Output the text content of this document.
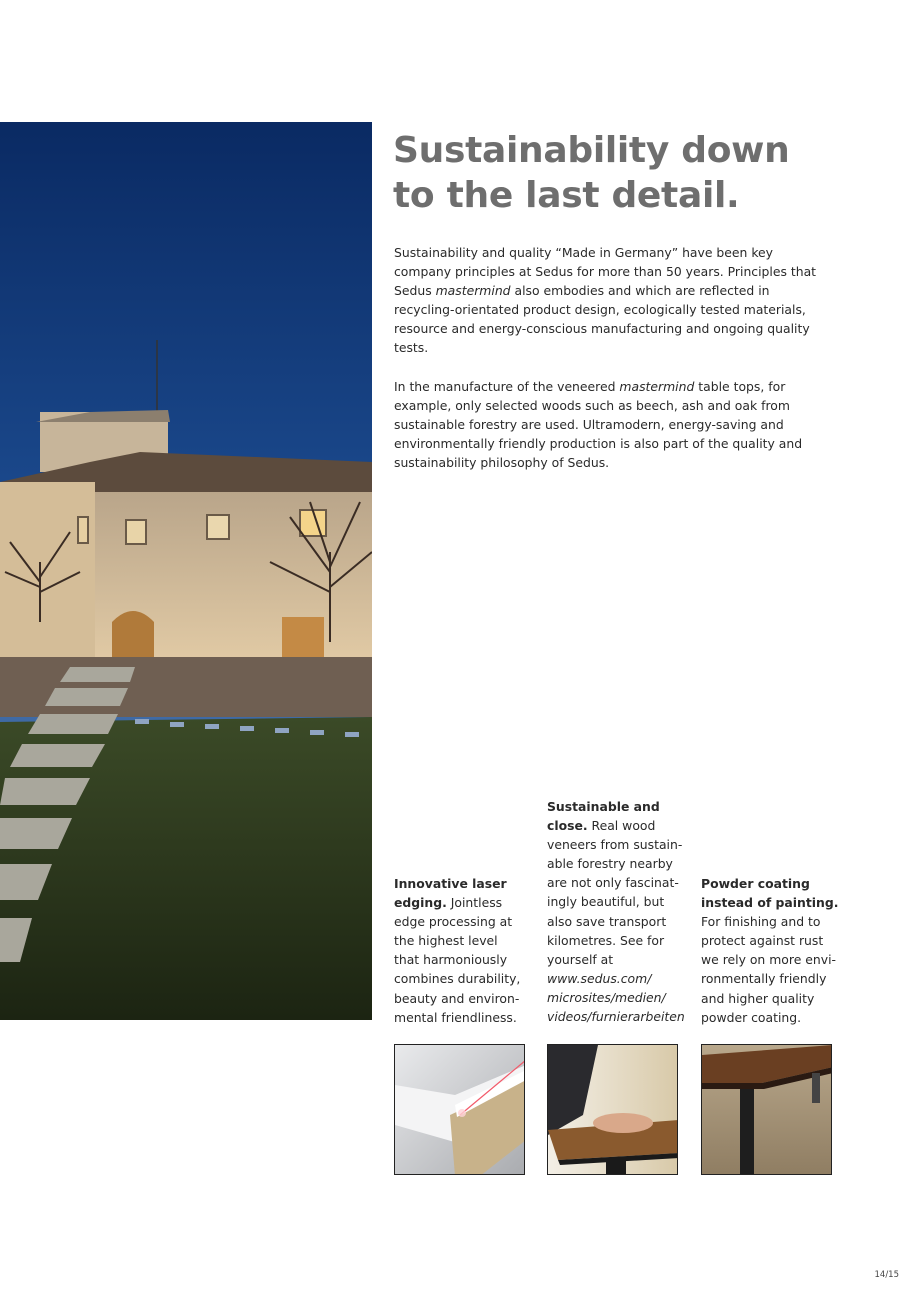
Sustainability down
to the last detail.

Sustainability and quality “Made in Germany” have been key company principles at Sedus for more than 50 years. Principles that Sedus mastermind also embodies and which are reflected in recycling-orientated product design, ecologically tested materials, resource and energy-conscious manufacturing and ongoing quality tests.

In the manufacture of the veneered mastermind table tops, for example, only selected woods such as beech, ash and oak from sustainable forestry are used. Ultramodern, energy-saving and environmentally friendly production is also part of the quality and sustainability philosophy of Sedus.

Innovative laser
edging. Jointless
edge processing at
the highest level
that harmoniously
combines durability,
beauty and environ-
mental friendliness.
Sustainable and
close. Real wood
veneers from sustain-
able forestry nearby
are not only fascinat-
ingly beautiful, but
also save transport
kilometres. See for
yourself at
www.sedus.com/
microsites/medien/
videos/furnierarbeiten
Powder coating
instead of painting.
For finishing and to
protect against rust
we rely on more envi-
ronmentally friendly
and higher quality
powder coating.
14/15
